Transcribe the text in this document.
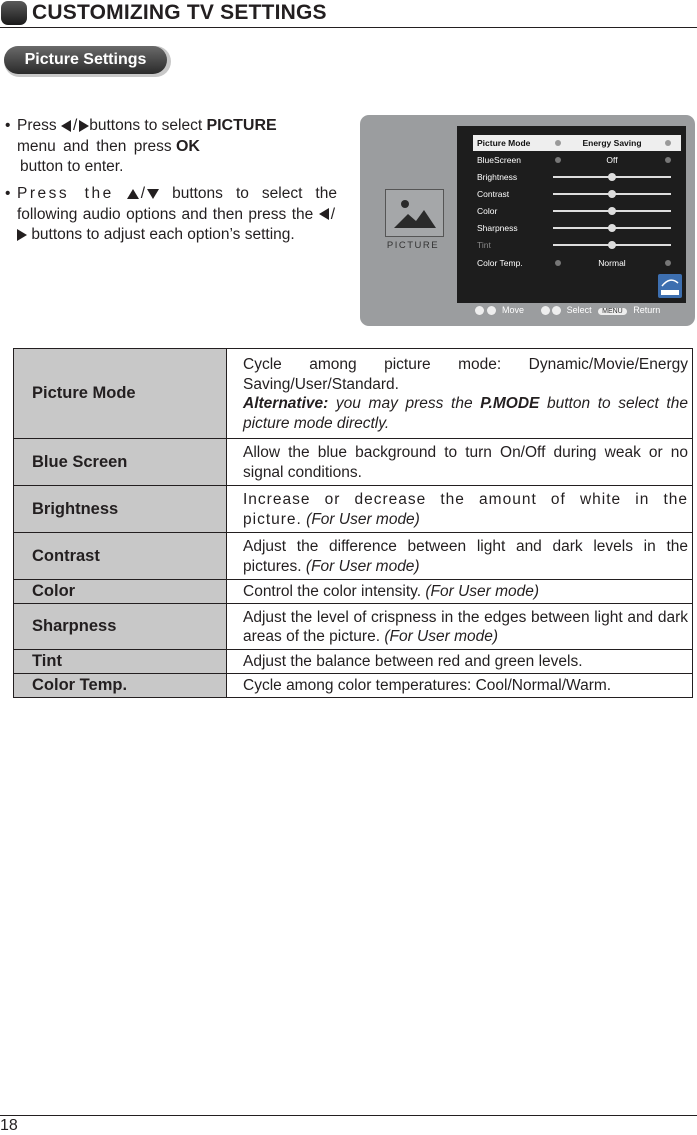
CUSTOMIZING TV SETTINGS
Picture Settings
• Press / buttons to select PICTURE
menu and then press OK
button to enter.
• Press the / buttons to select the following audio options and then press the / buttons to adjust each option’s setting.
PICTURE
Picture Mode	Energy Saving
BlueScreen	Off
Brightness
Contrast
Color
Sharpness
Tint
Color Temp.	Normal
Move	Select MENU Return
Picture Mode	Cycle among picture mode: Dynamic/Movie/Energy Saving/User/Standard.
Alternative: you may press the P.MODE button to select the picture mode directly.
Blue Screen	Allow the blue background to turn On/Off during weak or no signal conditions.
Brightness	Increase or decrease the amount of white in the picture. (For User mode)
Contrast	Adjust the difference between light and dark levels in the pictures. (For User mode)
Color	Control the color intensity. (For User mode)
Sharpness	Adjust the level of crispness in the edges between light and dark areas of the picture. (For User mode)
Tint	Adjust the balance between red and green levels.
Color Temp.	Cycle among color temperatures: Cool/Normal/Warm.
18
